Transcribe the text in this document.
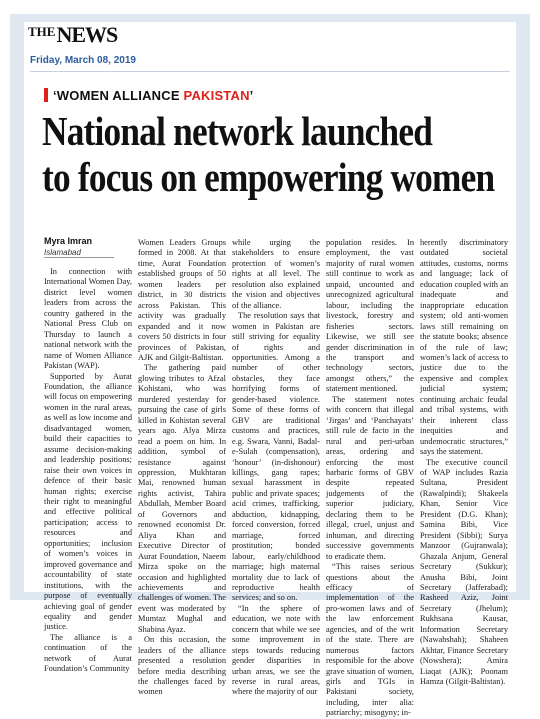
$^{THE}$NEWS
Friday, March 08, 2019
‘WOMEN ALLIANCE PAKISTAN’
National network launched
to focus on empowering women
Myra Imran
Islamabad

In connection with International Women Day, district level women leaders from across the country gathered in the National Press Club on Thursday to launch a national network with the name of Women Alliance Pakistan (WAP).

Supported by Aurat Foundation, the alliance will focus on empowering women in the rural areas, as well as low income and disadvantaged women, build their capacities to assume decision-making and leadership positions; raise their own voices in defence of their basic human rights; exercise their right to meaningful and effective political participation; access to resources and opportunities; inclusion of women’s voices in improved governance and accountability of state institutions, with the purpose of eventually achieving goal of gender equality and gender justice.

The alliance is a continuation of the network of Aurat Foundation’s Community

Women Leaders Groups formed in 2008. At that time, Aurat Foundation established groups of 50 women leaders per district, in 30 districts across Pakistan. This activity was gradually expanded and it now covers 50 districts in four provinces of Pakistan, AJK and Gilgit-Baltistan.

The gathering paid glowing tributes to Afzal Kohistani, who was murdered yesterday for pursuing the case of girls killed in Kohistan several years ago. Alya Mirza read a poem on him. In addition, symbol of resistance against oppression, Mukhtaran Mai, renowned human rights activist, Tahira Abdullah, Member Board of Governors and renowned economist Dr. Aliya Khan and Executive Director of Aurat Foundation, Naeem Mirza spoke on the occasion and highlighted achievements and challenges of women. The event was moderated by Mumtaz Mughal and Shabina Ayaz.

On this occasion, the leaders of the alliance presented a resolution before media describing the challenges faced by women

while urging the stakeholders to ensure protection of women’s rights at all level. The resolution also explained the vision and objectives of the alliance.

The resolution says that women in Pakistan are still striving for equality of rights and opportunities. Among a number of other obstacles, they face horrifying forms of gender-based violence. Some of these forms of GBV are traditional customs and practices, e.g. Swara, Vanni, Badal-e-Sulah (compensation), ‘honour’ (in-dishonour) killings, gang rapes; sexual harassment in public and private spaces; acid crimes, trafficking, abduction, kidnapping, forced conversion, forced marriage, forced prostitution; bonded labour, early/childhood marriage; high maternal mortality due to lack of reproductive health services; and so on.

“In the sphere of education, we note with concern that while we see some improvement in steps towards reducing gender disparities in urban areas, we see the reverse in rural areas, where the majority of our

population resides. In employment, the vast majority of rural women still continue to work as unpaid, uncounted and unrecognized agricultural labour, including the livestock, forestry and fisheries sectors. Likewise, we still see gender discrimination in the transport and technology sectors, amongst others,” the statement mentioned.

The statement notes with concern that illegal ‘Jirgas’ and ‘Panchayats’ still rule de facto in the rural and peri-urban areas, ordering and enforcing the most barbaric forms of GBV despite repeated judgements of the superior judiciary, declaring them to be illegal, cruel, unjust and inhuman, and directing successive governments to eradicate them.

“This raises serious questions about the efficacy of implementation of the pro-women laws and of the law enforcement agencies, and of the writ of the state. There are numerous factors responsible for the above grave situation of women, girls and TGIs in Pakistani society, including, inter alia: patriarchy; misogyny; in-

herently discriminatory outdated societal attitudes, customs, norms and language; lack of education coupled with an inadequate and inappropriate education system; old anti-women laws still remaining on the statute books; absence of the rule of law; women’s lack of access to justice due to the expensive and complex judicial system; continuing archaic feudal and tribal systems, with their inherent class inequities and undemocratic structures,” says the statement.

The executive council of WAP includes Razia Sultana, President (Rawalpindi); Shakeela Khan, Senior Vice President (D.G. Khan); Samina Bibi, Vice President (Sibbi); Surya Manzoor (Gujranwala); Ghazala Anjum, General Secretary (Sukkur); Anusha Bibi, Joint Secretary (Jafferabad); Rasheed Aziz, Joint Secretary (Jhelum); Rukhsana Kausar, Information Secretary (Nawabshah); Shaheen Akhtar, Finance Secretary (Nowshera); Amira Liaqat (AJK); Poonam Hamza (Gilgit-Baltistan).
